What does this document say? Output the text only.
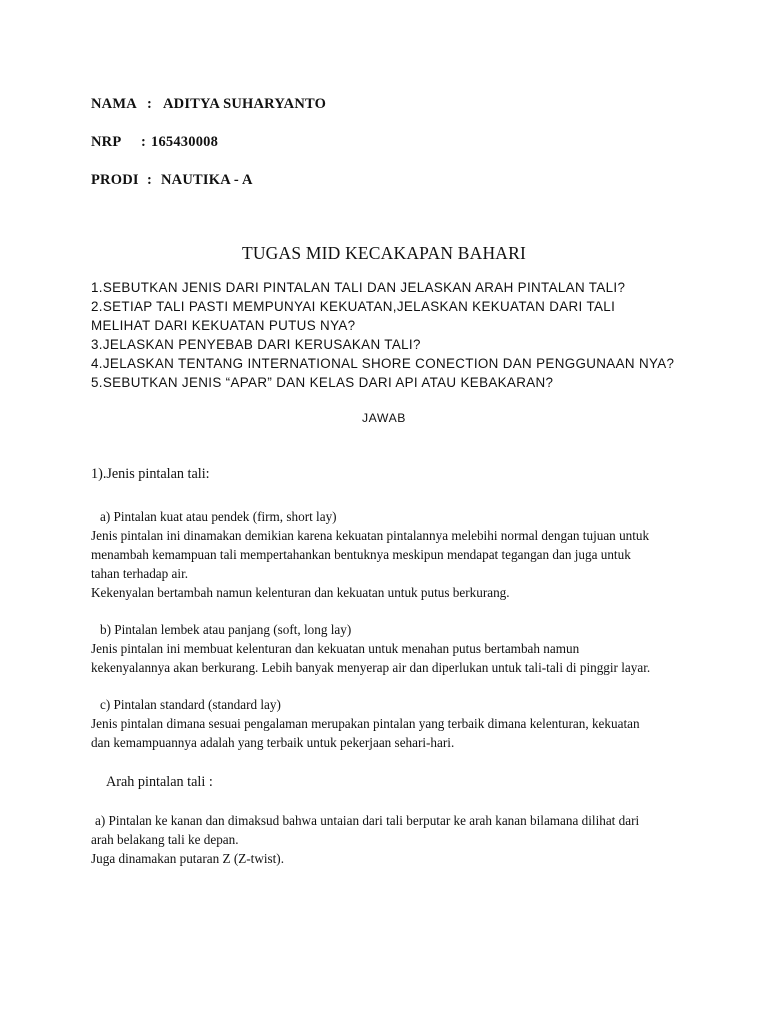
NAMA : ADITYA SUHARYANTO
NRP : 165430008
PRODI : NAUTIKA - A
TUGAS MID KECAKAPAN BAHARI
1.SEBUTKAN JENIS DARI PINTALAN TALI DAN JELASKAN ARAH PINTALAN TALI?
2.SETIAP TALI PASTI MEMPUNYAI KEKUATAN,JELASKAN KEKUATAN DARI TALI
MELIHAT DARI KEKUATAN PUTUS NYA?
3.JELASKAN PENYEBAB DARI KERUSAKAN TALI?
4.JELASKAN TENTANG INTERNATIONAL SHORE CONECTION DAN PENGGUNAAN NYA?
5.SEBUTKAN JENIS “APAR” DAN KELAS DARI API ATAU KEBAKARAN?
JAWAB
1).Jenis pintalan tali:
a) Pintalan kuat atau pendek (firm, short lay)
Jenis pintalan ini dinamakan demikian karena kekuatan pintalannya melebihi normal dengan tujuan untuk
menambah kemampuan tali mempertahankan bentuknya meskipun mendapat tegangan dan juga untuk
tahan terhadap air.
Kekenyalan bertambah namun kelenturan dan kekuatan untuk putus berkurang.
b) Pintalan lembek atau panjang (soft, long lay)
Jenis pintalan ini membuat kelenturan dan kekuatan untuk menahan putus bertambah namun
kekenyalannya akan berkurang. Lebih banyak menyerap air dan diperlukan untuk tali-tali di pinggir layar.
c) Pintalan standard (standard lay)
Jenis pintalan dimana sesuai pengalaman merupakan pintalan yang terbaik dimana kelenturan, kekuatan
dan kemampuannya adalah yang terbaik untuk pekerjaan sehari-hari.
Arah pintalan tali :
a) Pintalan ke kanan dan dimaksud bahwa untaian dari tali berputar ke arah kanan bilamana dilihat dari
arah belakang tali ke depan.
Juga dinamakan putaran Z (Z-twist).
